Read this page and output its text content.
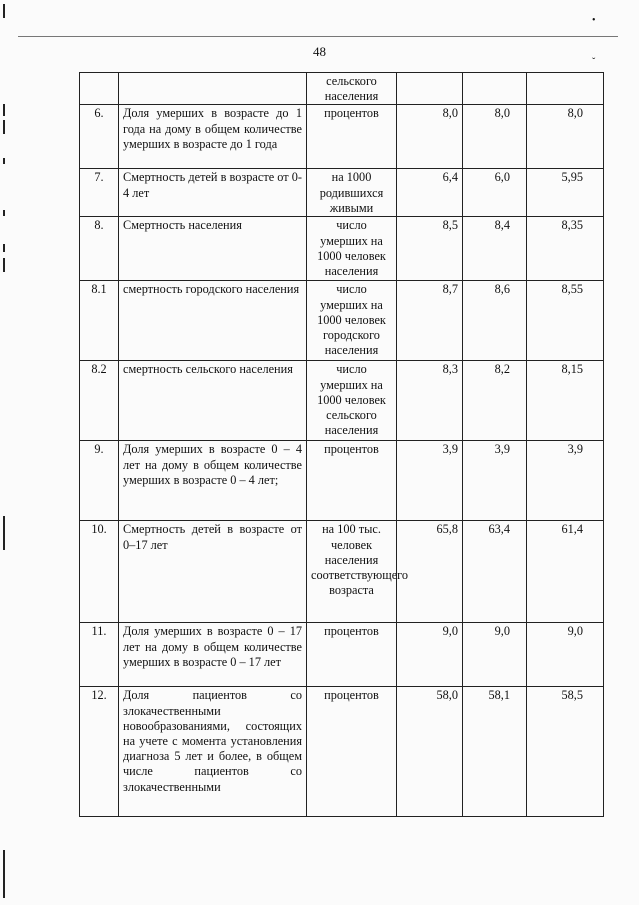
48
•
ˇ
		сельского населения			
6.	Доля умерших в возрасте до 1 года на дому в общем количестве умерших в возрасте до 1 года	процентов	8,0	8,0	8,0
7.	Смертность детей в возрасте от 0-4 лет	на 1000 родившихся живыми	6,4	6,0	5,95
8.	Смертность населения	число умерших на 1000 человек населения	8,5	8,4	8,35
8.1	смертность городского населения	число умерших на 1000 человек городского населения	8,7	8,6	8,55
8.2	смертность сельского населения	число умерших на 1000 человек сельского населения	8,3	8,2	8,15
9.	Доля умерших в возрасте 0 – 4 лет на дому в общем количестве умерших в возрасте 0 – 4 лет;	процентов	3,9	3,9	3,9
10.	Смертность детей в возрасте от 0–17 лет	на 100 тыс. человек населения соответствующего возраста	65,8	63,4	61,4
11.	Доля умерших в возрасте 0 – 17 лет на дому в общем количестве умерших в возрасте 0 – 17 лет	процентов	9,0	9,0	9,0
12.	Доля пациентов со злокачественными новообразованиями, состоящих на учете с момента установления диагноза 5 лет и более, в общем числе пациентов со злокачественными	процентов	58,0	58,1	58,5
